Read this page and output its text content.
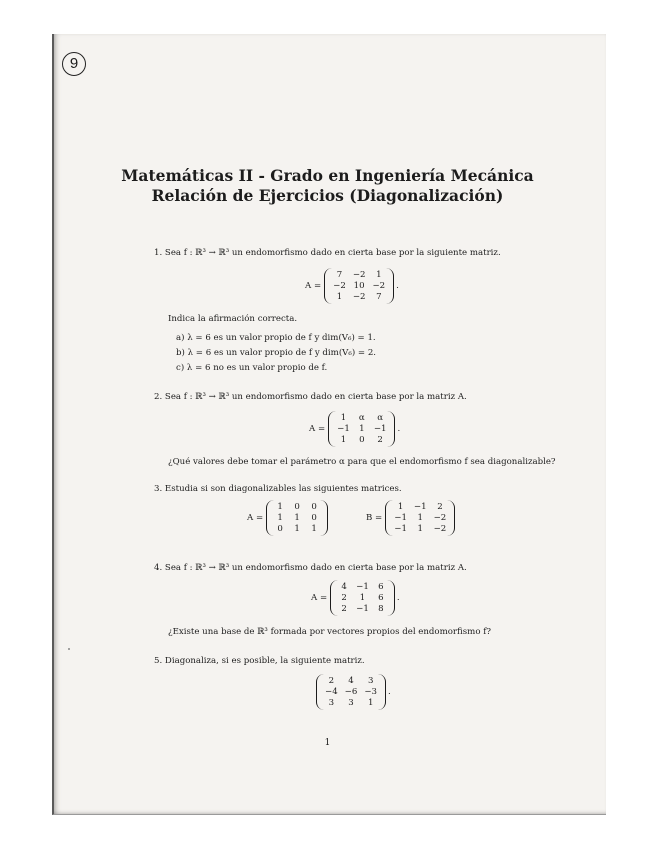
9
Matemáticas II - Grado en Ingeniería Mecánica
Relación de Ejercicios (Diagonalización)
1. Sea f : ℝ³ → ℝ³ un endomorfismo dado en cierta base por la siguiente matriz.
A =
7	−2	1
−2 10 −2
1	−2	7
.
Indica la afirmación correcta.
a) λ = 6 es un valor propio de f y dim(V₆) = 1.
b) λ = 6 es un valor propio de f y dim(V₆) = 2.
c) λ = 6 no es un valor propio de f.
2. Sea f : ℝ³ → ℝ³ un endomorfismo dado en cierta base por la matriz A.
A =
1	α	α
−1 1 −1
1	0	2
.
¿Qué valores debe tomar el parámetro α para que el endomorfismo f sea diagonalizable?
3. Estudia si son diagonalizables las siguientes matrices.
A =
1 0 0
1 1 0
0 1 1
B =
1	−1	2
−1	1	−2
−1	1	−2
4. Sea f : ℝ³ → ℝ³ un endomorfismo dado en cierta base por la matriz A.
A =
4 −1 6
2	1	6
2 −1 8
.
¿Existe una base de ℝ³ formada por vectores propios del endomorfismo f?
5. Diagonaliza, si es posible, la siguiente matriz.
2	4	3
−4 −6 −3
3	3	1
.
1
